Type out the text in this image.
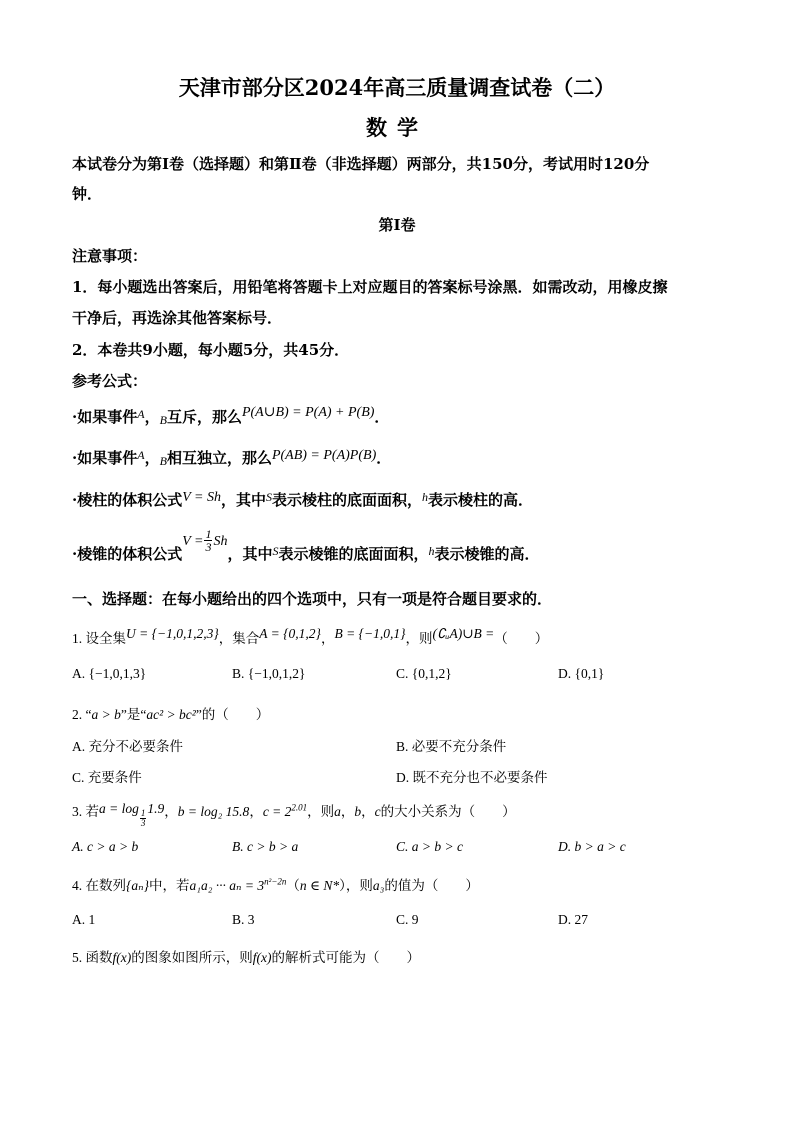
天津市部分区2024年高三质量调查试卷（二）
数学
本试卷分为第Ⅰ卷（选择题）和第Ⅱ卷（非选择题）两部分，共150分，考试用时120分
钟．
第Ⅰ卷
注意事项：
1．每小题选出答案后，用铅笔将答题卡上对应题目的答案标号涂黑．如需改动，用橡皮擦
干净后，再选涂其他答案标号．
2．本卷共9小题，每小题5分，共45分．
参考公式：
·如果事件$^A$，B互斥，那么P(A∪B) = P(A) + P(B)．
·如果事件$^A$，B相互独立，那么P(AB) = P(A)P(B)．
·棱柱的体积公式V = Sh，其中$^S$表示棱柱的底面面积，$^h$表示棱柱的高．
·棱锥的体积公式$V = \frac{1}{3}$ Sh，其中$_S$表示棱锥的底面面积，$_h$表示棱锥的高．
一、选择题：在每小题给出的四个选项中，只有一项是符合题目要求的．
1. 设全集U = {−1,0,1,2,3}，集合A = {0,1,2}，B = {−1,0,1}，则(∁ᵤA)∪B =（　　）
A. {−1,0,1,3}	B. {−1,0,1,2}	C. {0,1,2}	D. {0,1}
2. “a > b”是“ac² > bc²”的（　　）
A. 充分不必要条件	B. 必要不充分条件
C. 充要条件	D. 既不充分也不必要条件
3. 若a = log
$\frac{1}{3}$
1.9，b = log₂ 15.8，$c = 2^{2.01}$，则a，b，c的大小关系为（　　）
A. c > a > b	B. c > b > a	C. a > b > c	D. b > a > c
4. 在数列{aₙ}中，若a₁a₂ ··· $a_n = 3^{n^2-2n}(n$ ∈ N*），则a₃的值为（　　）
A. 1	B. 3	C. 9	D. 27
5. 函数f(x)的图象如图所示，则f(x)的解析式可能为（　　）
